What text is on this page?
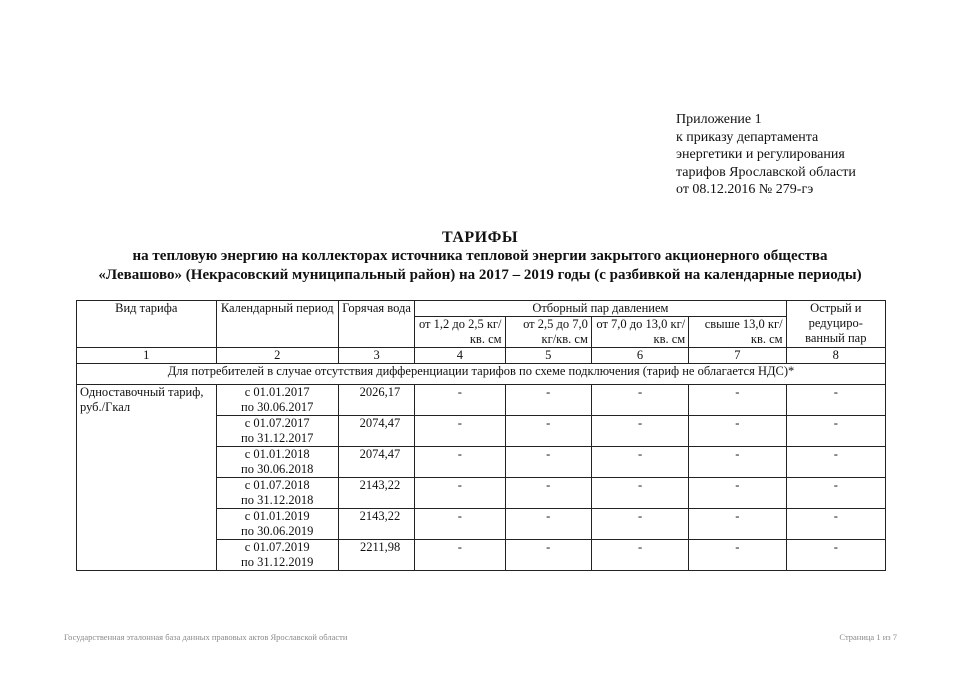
Приложение 1
к приказу департамента
энергетики и регулирования
тарифов Ярославской области
от 08.12.2016 № 279-гэ
ТАРИФЫ
на тепловую энергию на коллекторах источника тепловой энергии закрытого акционерного общества
«Левашово» (Некрасовский муниципальный район) на 2017 – 2019 годы (с разбивкой на календарные периоды)
Вид тарифа	Календарный период	Горячая вода	Отборный пар давлением				Острый и редуциро-ванный пар
			от 1,2 до 2,5 кг/кв. см	от 2,5 до 7,0 кг/кв. см	от 7,0 до 13,0 кг/кв. см	свыше 13,0 кг/кв. см	
1	2	3	4	5	6	7	8
Для потребителей в случае отсутствия дифференциации тарифов по схеме подключения (тариф не облагается НДС)*							
Одноставочный тариф, руб./Гкал	с 01.01.2017
по 30.06.2017	2026,17	-	-	-	-	-

	с 01.07.2017
по 31.12.2017	2074,47	-	-	-	-	-

	с 01.01.2018
по 30.06.2018	2074,47	-	-	-	-	-

	с 01.07.2018
по 31.12.2018	2143,22	-	-	-	-	-

	с 01.01.2019
по 30.06.2019	2143,22	-	-	-	-	-

	с 01.07.2019
по 31.12.2019	2211,98	-	-	-	-	-
Государственная эталонная база данных правовых актов Ярославской области	Страница 1 из 7
